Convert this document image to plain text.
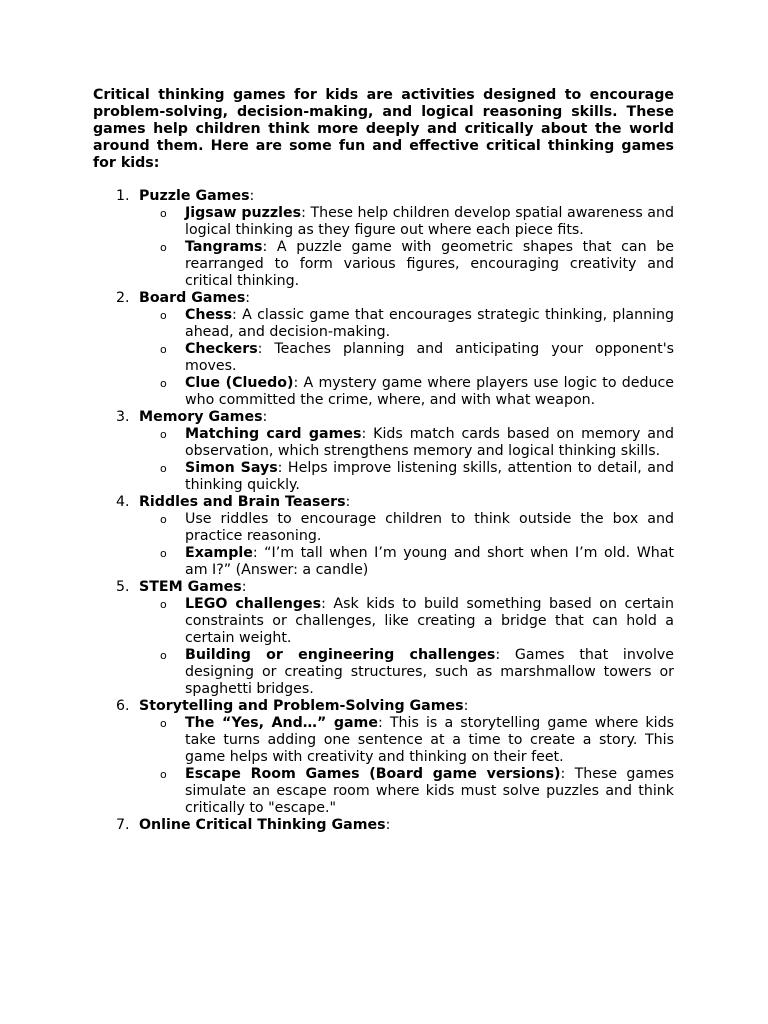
Critical thinking games for kids are activities designed to encourage problem-solving, decision-making, and logical reasoning skills. These games help children think more deeply and critically about the world around them. Here are some fun and effective critical thinking games for kids:

1. Puzzle Games:
o Jigsaw puzzles: These help children develop spatial awareness and logical thinking as they figure out where each piece fits.
o Tangrams: A puzzle game with geometric shapes that can be rearranged to form various figures, encouraging creativity and critical thinking.
2. Board Games:
o Chess: A classic game that encourages strategic thinking, planning ahead, and decision-making.
o Checkers: Teaches planning and anticipating your opponent's moves.
o Clue (Cluedo): A mystery game where players use logic to deduce who committed the crime, where, and with what weapon.
3. Memory Games:
o Matching card games: Kids match cards based on memory and observation, which strengthens memory and logical thinking skills.
o Simon Says: Helps improve listening skills, attention to detail, and thinking quickly.
4. Riddles and Brain Teasers:
o Use riddles to encourage children to think outside the box and practice reasoning.
o Example: “I’m tall when I’m young and short when I’m old. What am I?” (Answer: a candle)
5. STEM Games:
o LEGO challenges: Ask kids to build something based on certain constraints or challenges, like creating a bridge that can hold a certain weight.
o Building or engineering challenges: Games that involve designing or creating structures, such as marshmallow towers or spaghetti bridges.
6. Storytelling and Problem-Solving Games:
o The “Yes, And…” game: This is a storytelling game where kids take turns adding one sentence at a time to create a story. This game helps with creativity and thinking on their feet.
o Escape Room Games (Board game versions): These games simulate an escape room where kids must solve puzzles and think critically to "escape."
7. Online Critical Thinking Games:
